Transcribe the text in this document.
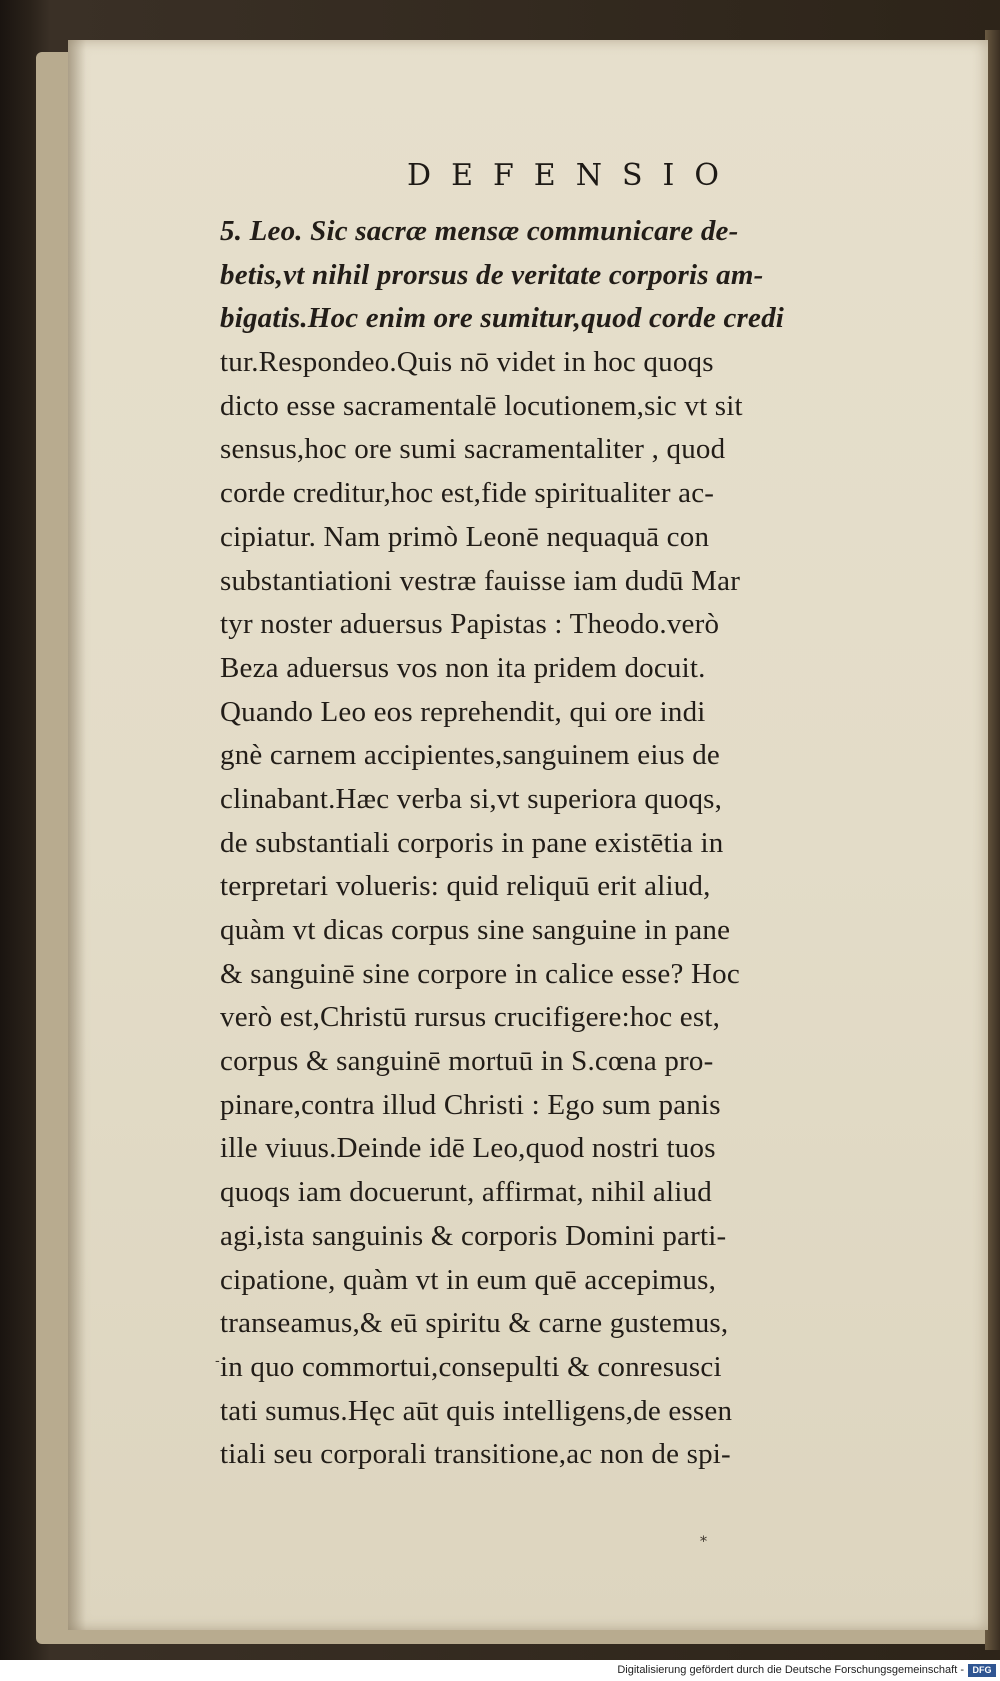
DEFENSIO
5. Leo. Sic sacræ mensæ communicare de-
betis,vt nihil prorsus de veritate corporis am-
bigatis.Hoc enim ore sumitur,quod corde credi
tur.Respondeo.Quis nō videt in hoc quoqs
dicto esse sacramentalē locutionem,sic vt sit
sensus,hoc ore sumi sacramentaliter , quod
corde creditur,hoc est,fide spiritualiter ac-
cipiatur. Nam primò Leonē nequaquā con
substantiationi vestræ fauisse iam dudū Mar
tyr noster aduersus Papistas : Theodo.verò
Beza aduersus vos non ita pridem docuit.
Quando Leo eos reprehendit, qui ore indi
gnè carnem accipientes,sanguinem eius de
clinabant.Hæc verba si,vt superiora quoqs,
de substantiali corporis in pane existētia in
terpretari volueris: quid reliquū erit aliud,
quàm vt dicas corpus sine sanguine in pane
& sanguinē sine corpore in calice esse? Hoc
verò est,Christū rursus crucifigere:hoc est,
corpus & sanguinē mortuū in S.cœna pro-
pinare,contra illud Christi : Ego sum panis
ille viuus.Deinde idē Leo,quod nostri tuos
quoqs iam docuerunt, affirmat, nihil aliud
agi,ista sanguinis & corporis Domini parti-
cipatione, quàm vt in eum quē accepimus,
transeamus,& eū spiritu & carne gustemus,
in quo commortui,consepulti & conresusci
tati sumus.Hęc aūt quis intelligens,de essen
tiali seu corporali transitione,ac non de spi-
-
*
Digitalisierung gefördert durch die Deutsche Forschungsgemeinschaft - DFG
